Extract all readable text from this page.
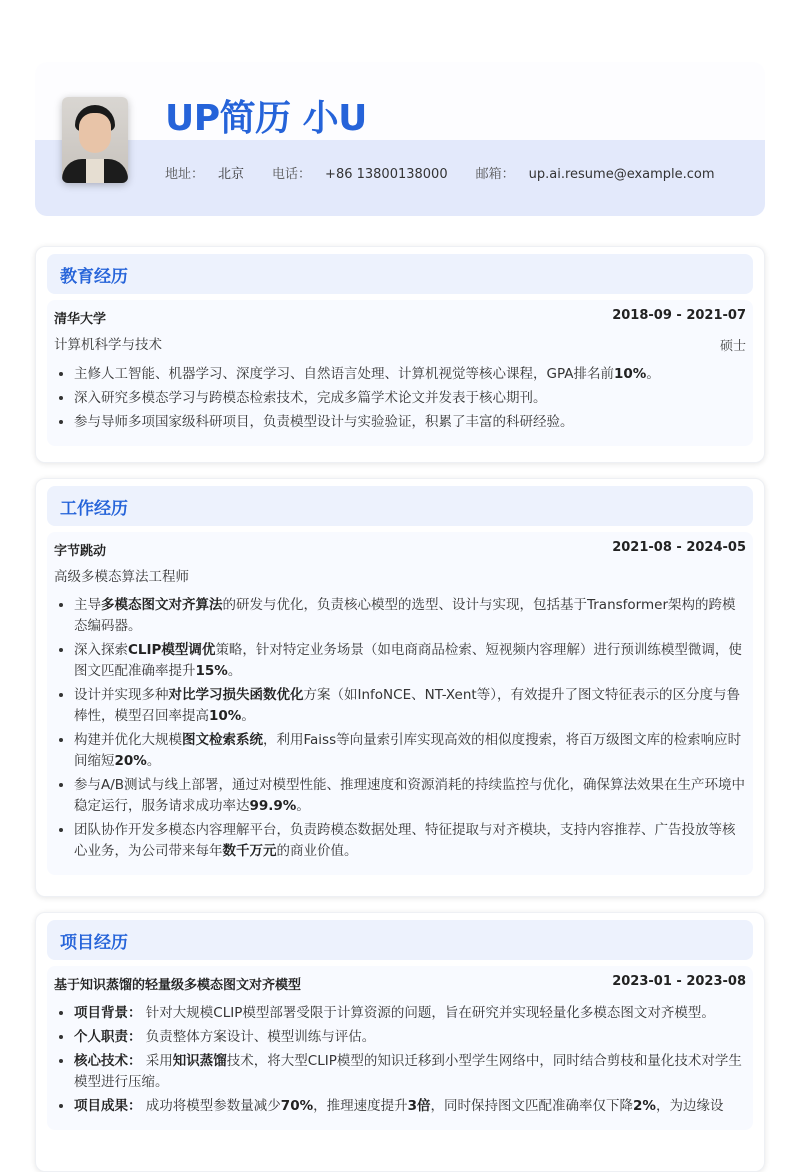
UP简历 小U
地址： 北京 电话： +86 13800138000 邮箱： up.ai.resume@example.com
教育经历
清华大学	2018-09 - 2021-07
计算机科学与技术	硕士
• 主修人工智能、机器学习、深度学习、自然语言处理、计算机视觉等核心课程，GPA排名前10%。
• 深入研究多模态学习与跨模态检索技术，完成多篇学术论文并发表于核心期刊。
• 参与导师多项国家级科研项目，负责模型设计与实验验证，积累了丰富的科研经验。
工作经历
字节跳动	2021-08 - 2024-05
高级多模态算法工程师
• 主导多模态图文对齐算法的研发与优化，负责核心模型的选型、设计与实现，包括基于Transformer架构的跨模态编码器。
• 深入探索CLIP模型调优策略，针对特定业务场景（如电商商品检索、短视频内容理解）进行预训练模型微调，使图文匹配准确率提升15%。
• 设计并实现多种对比学习损失函数优化方案（如InfoNCE、NT-Xent等），有效提升了图文特征表示的区分度与鲁棒性，模型召回率提高10%。
• 构建并优化大规模图文检索系统，利用Faiss等向量索引库实现高效的相似度搜索，将百万级图文库的检索响应时间缩短20%。
• 参与A/B测试与线上部署，通过对模型性能、推理速度和资源消耗的持续监控与优化，确保算法效果在生产环境中稳定运行，服务请求成功率达99.9%。
• 团队协作开发多模态内容理解平台，负责跨模态数据处理、特征提取与对齐模块，支持内容推荐、广告投放等核心业务，为公司带来每年数千万元的商业价值。
项目经历
基于知识蒸馏的轻量级多模态图文对齐模型	2023-01 - 2023-08
• 项目背景： 针对大规模CLIP模型部署受限于计算资源的问题，旨在研究并实现轻量化多模态图文对齐模型。
• 个人职责： 负责整体方案设计、模型训练与评估。
• 核心技术： 采用知识蒸馏技术，将大型CLIP模型的知识迁移到小型学生网络中，同时结合剪枝和量化技术对学生模型进行压缩。
• 项目成果： 成功将模型参数量减少70%，推理速度提升3倍，同时保持图文匹配准确率仅下降2%，为边缘设
